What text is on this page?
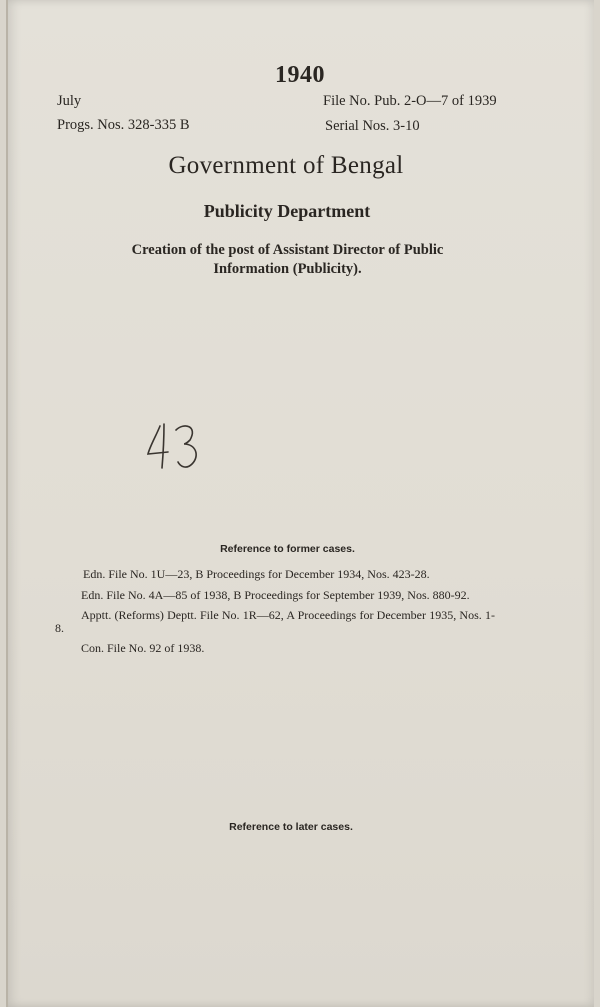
1940
July
Progs. Nos. 328-335 B
File No. Pub. 2-O—7 of 1939
Serial Nos. 3-10
Government of Bengal
Publicity Department
Creation of the post of Assistant Director of Public
Information (Publicity).
Reference to former cases.

Edn. File No. 1U—23, B Proceedings for December 1934, Nos. 423-28.

Edn. File No. 4A—85 of 1938, B Proceedings for September 1939, Nos. 880-92.

Apptt. (Reforms) Deptt. File No. 1R—62, A Proceedings for December 1935, Nos. 1-8.

Con. File No. 92 of 1938.

Reference to later cases.
